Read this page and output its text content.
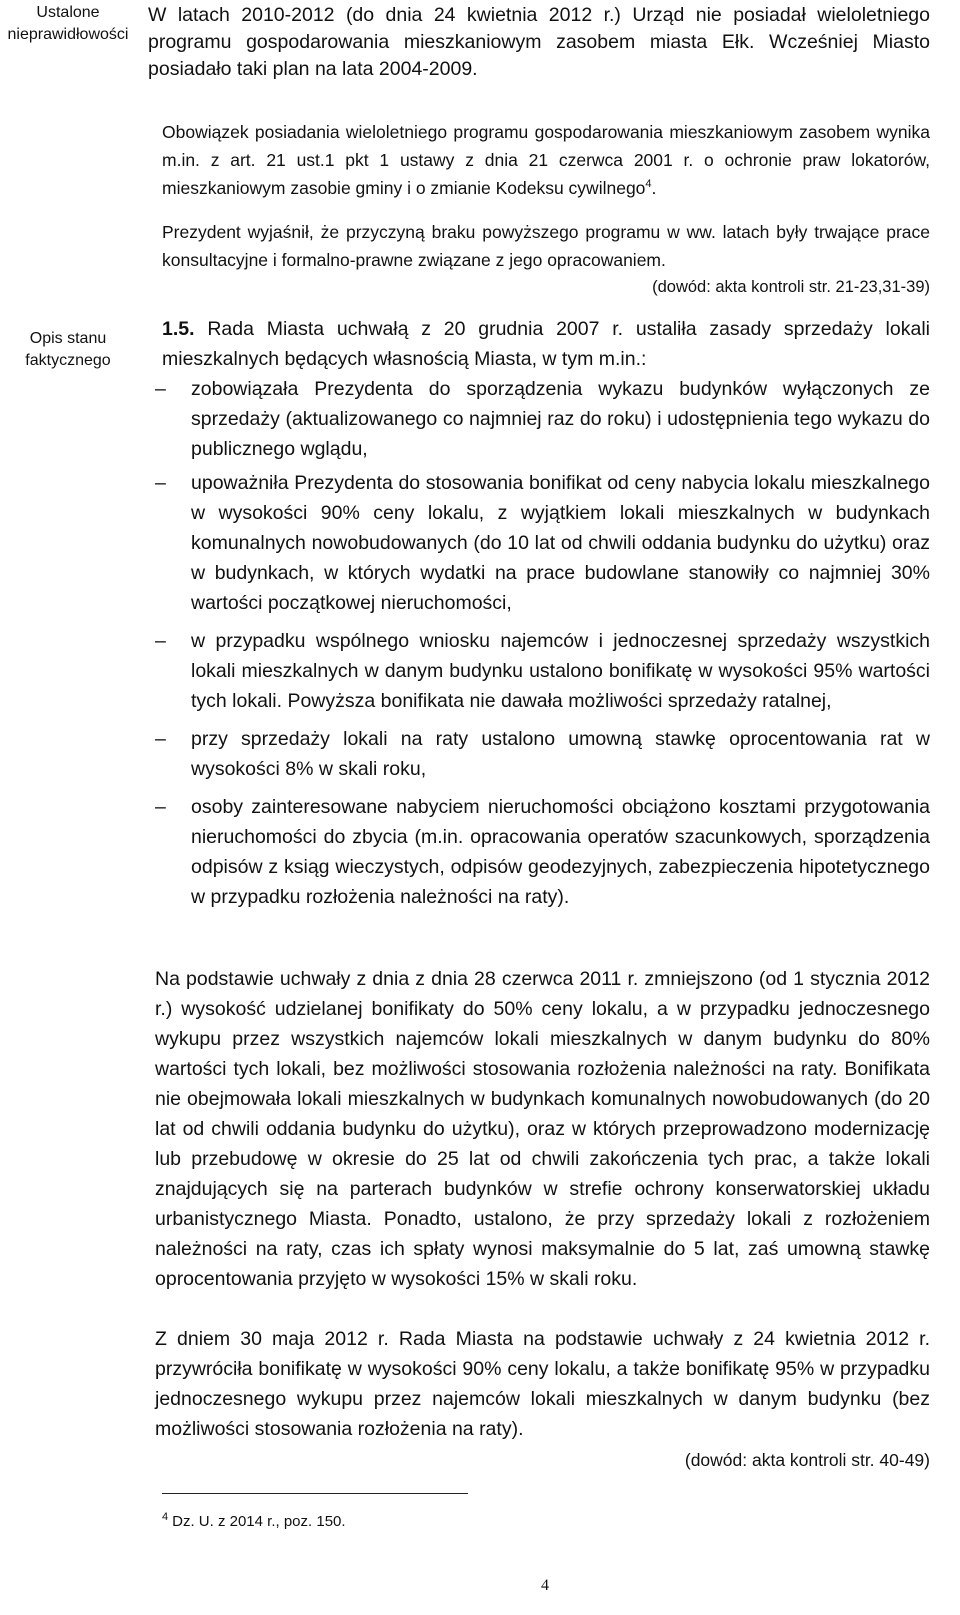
Ustalone nieprawidłowości
Opis stanu faktycznego

W latach 2010-2012 (do dnia 24 kwietnia 2012 r.) Urząd nie posiadał wieloletniego programu gospodarowania mieszkaniowym zasobem miasta Ełk. Wcześniej Miasto posiadało taki plan na lata 2004-2009.

Obowiązek posiadania wieloletniego programu gospodarowania mieszkaniowym zasobem wynika m.in. z art. 21 ust.1 pkt 1 ustawy z dnia 21 czerwca 2001 r. o ochronie praw lokatorów, mieszkaniowym zasobie gminy i o zmianie Kodeksu cywilnego$^4$.

Prezydent wyjaśnił, że przyczyną braku powyższego programu w ww. latach były trwające prace konsultacyjne i formalno-prawne związane z jego opracowaniem.

(dowód: akta kontroli str. 21-23,31-39)

1.5. Rada Miasta uchwałą z 20 grudnia 2007 r. ustaliła zasady sprzedaży lokali mieszkalnych będących własnością Miasta, w tym m.in.:

– zobowiązała Prezydenta do sporządzenia wykazu budynków wyłączonych ze sprzedaży (aktualizowanego co najmniej raz do roku) i udostępnienia tego wykazu do publicznego wglądu,
– upoważniła Prezydenta do stosowania bonifikat od ceny nabycia lokalu mieszkalnego w wysokości 90% ceny lokalu, z wyjątkiem lokali mieszkalnych w budynkach komunalnych nowobudowanych (do 10 lat od chwili oddania budynku do użytku) oraz w budynkach, w których wydatki na prace budowlane stanowiły co najmniej 30% wartości początkowej nieruchomości,
– w przypadku wspólnego wniosku najemców i jednoczesnej sprzedaży wszystkich lokali mieszkalnych w danym budynku ustalono bonifikatę w wysokości 95% wartości tych lokali. Powyższa bonifikata nie dawała możliwości sprzedaży ratalnej,
– przy sprzedaży lokali na raty ustalono umowną stawkę oprocentowania rat w wysokości 8% w skali roku,
– osoby zainteresowane nabyciem nieruchomości obciążono kosztami przygotowania nieruchomości do zbycia (m.in. opracowania operatów szacunkowych, sporządzenia odpisów z ksiąg wieczystych, odpisów geodezyjnych, zabezpieczenia hipotetycznego w przypadku rozłożenia należności na raty).

Na podstawie uchwały z dnia z dnia 28 czerwca 2011 r. zmniejszono (od 1 stycznia 2012 r.) wysokość udzielanej bonifikaty do 50% ceny lokalu, a w przypadku jednoczesnego wykupu przez wszystkich najemców lokali mieszkalnych w danym budynku do 80% wartości tych lokali, bez możliwości stosowania rozłożenia należności na raty. Bonifikata nie obejmowała lokali mieszkalnych w budynkach komunalnych nowobudowanych (do 20 lat od chwili oddania budynku do użytku), oraz w których przeprowadzono modernizację lub przebudowę w okresie do 25 lat od chwili zakończenia tych prac, a także lokali znajdujących się na parterach budynków w strefie ochrony konserwatorskiej układu urbanistycznego Miasta. Ponadto, ustalono, że przy sprzedaży lokali z rozłożeniem należności na raty, czas ich spłaty wynosi maksymalnie do 5 lat, zaś umowną stawkę oprocentowania przyjęto w wysokości 15% w skali roku.

Z dniem 30 maja 2012 r. Rada Miasta na podstawie uchwały z 24 kwietnia 2012 r. przywróciła bonifikatę w wysokości 90% ceny lokalu, a także bonifikatę 95% w przypadku jednoczesnego wykupu przez najemców lokali mieszkalnych w danym budynku (bez możliwości stosowania rozłożenia na raty).

(dowód: akta kontroli str. 40-49)

$^4$ Dz. U. z 2014 r., poz. 150.
4
